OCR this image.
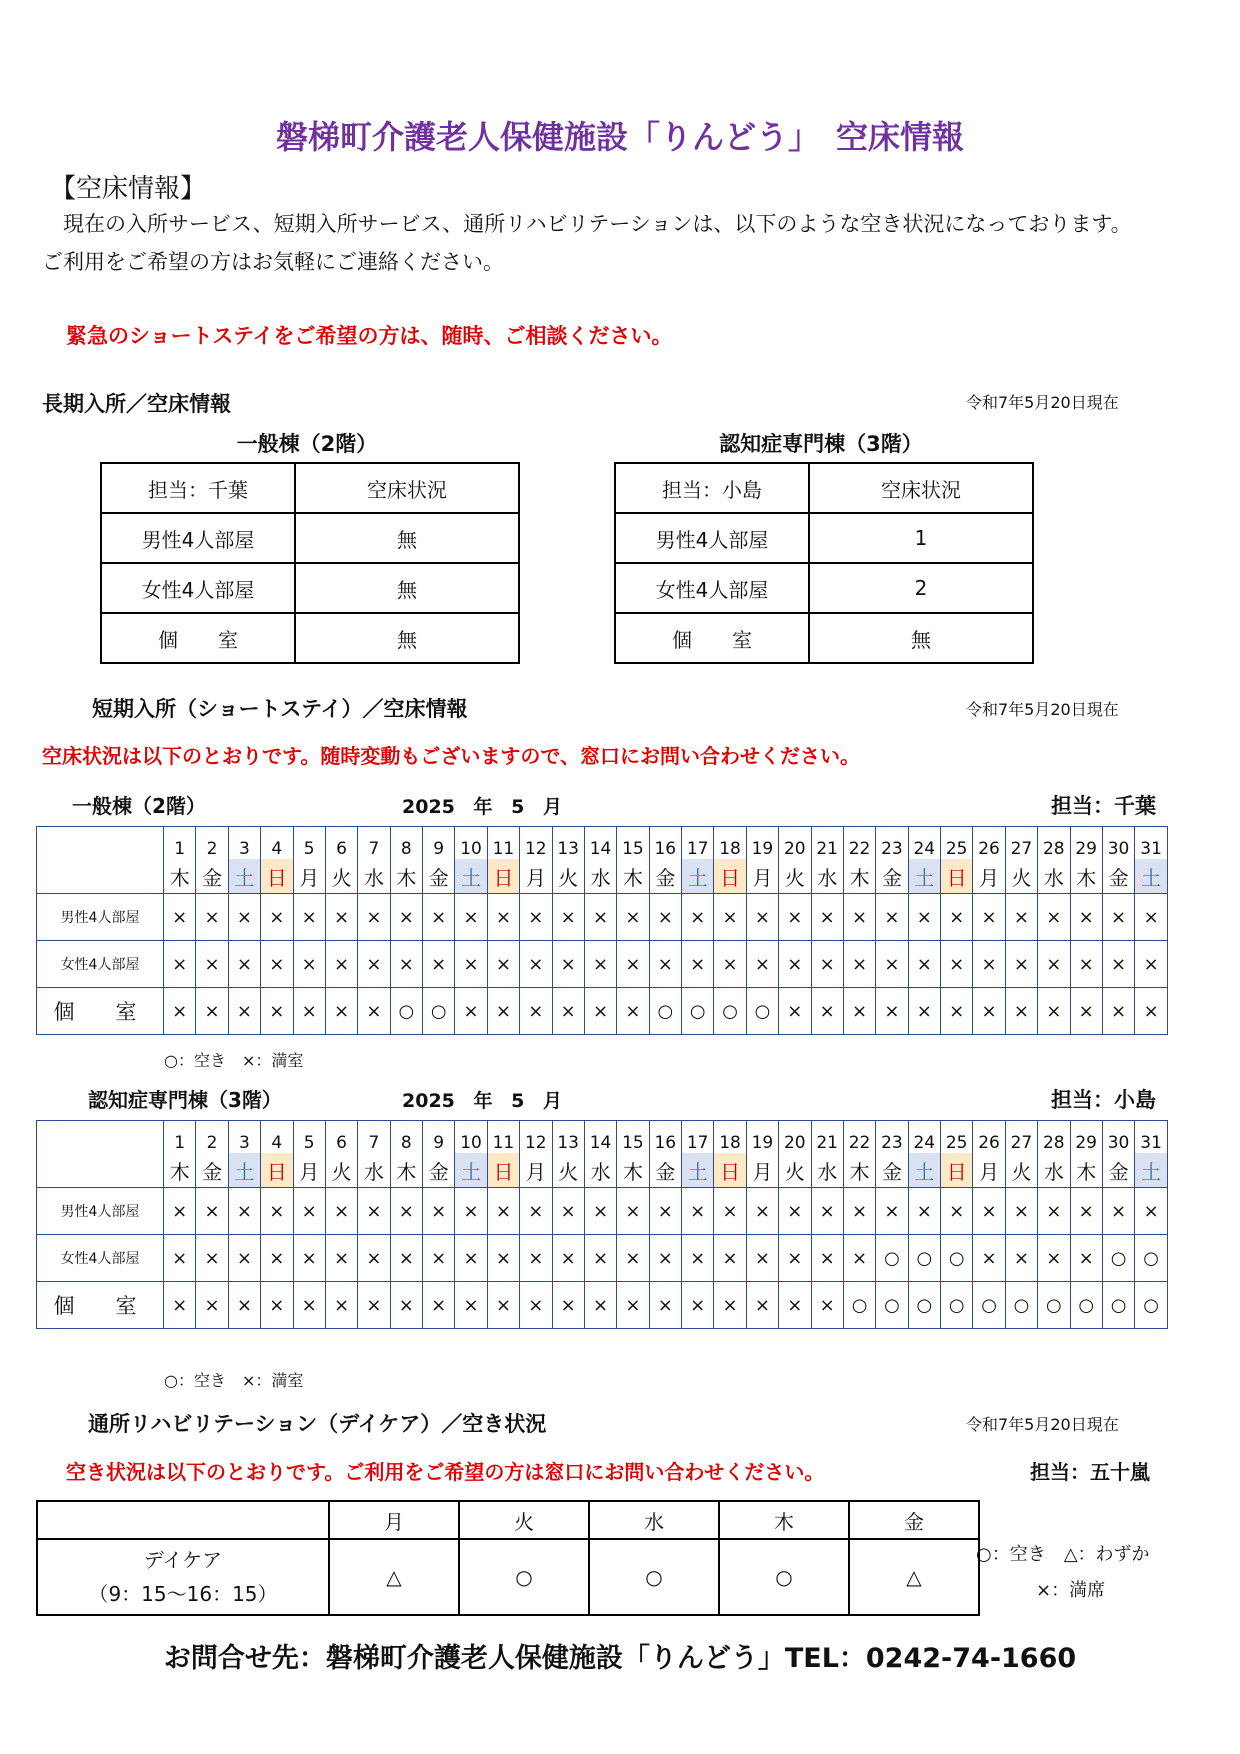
磐梯町介護老人保健施設「りんどう」　空床情報
【空床情報】

現在の入所サービス、短期入所サービス、通所リハビリテーションは、以下のような空き状況になっております。

ご利用をご希望の方はお気軽にご連絡ください。

緊急のショートステイをご希望の方は、随時、ご相談ください。
長期入所／空床情報	令和7年5月20日現在
一般棟（2階）
担当：千葉	空床状況
男性4人部屋	無
女性4人部屋	無
個　　室	無
認知症専門棟（3階）
担当：小島	空床状況
男性4人部屋	1
女性4人部屋	2
個　　室	無
短期入所（ショートステイ）／空床情報	令和7年5月20日現在
空床状況は以下のとおりです。随時変動もございますので、窓口にお問い合わせください。
一般棟（2階）	2025 年 5 月	担当：千葉
	1	2	3	4	5	6	7	8	9	10	11	12	13	14	15	16	17	18	19	20	21	22	23	24	25	26	27	28	29	30	31
	木	金	土	日	月	火	水	木	金	土	日	月	火	水	木	金	土	日	月	火	水	木	金	土	日	月	火	水	木	金	土
男性4人部屋	×	×	×	×	×	×	×	×	×	×	×	×	×	×	×	×	×	×	×	×	×	×	×	×	×	×	×	×	×	×	×
女性4人部屋	×	×	×	×	×	×	×	×	×	×	×	×	×	×	×	×	×	×	×	×	×	×	×	×	×	×	×	×	×	×	×
個　室	×	×	×	×	×	×	×	○	○	×	×	×	×	×	×	○	○	○	○	×	×	×	×	×	×	×	×	×	×	×	×
○：空き　×：満室
認知症専門棟（3階）	2025 年 5 月	担当：小島
	1	2	3	4	5	6	7	8	9	10	11	12	13	14	15	16	17	18	19	20	21	22	23	24	25	26	27	28	29	30	31
	木	金	土	日	月	火	水	木	金	土	日	月	火	水	木	金	土	日	月	火	水	木	金	土	日	月	火	水	木	金	土
男性4人部屋	×	×	×	×	×	×	×	×	×	×	×	×	×	×	×	×	×	×	×	×	×	×	×	×	×	×	×	×	×	×	×
女性4人部屋	×	×	×	×	×	×	×	×	×	×	×	×	×	×	×	×	×	×	×	×	×	×	○	○	○	×	×	×	×	○	○
個　室	×	×	×	×	×	×	×	×	×	×	×	×	×	×	×	×	×	×	×	×	×	○	○	○	○	○	○	○	○	○	○
○：空き　×：満室
通所リハビリテーション（デイケア）／空き状況	令和7年5月20日現在
空き状況は以下のとおりです。ご利用をご希望の方は窓口にお問い合わせください。	担当：五十嵐
	月	火	水	木	金

デイケア
（9：15〜16：15）	△	○	○	○	△
○：空き　△：わずか
×：満席
お問合せ先：磐梯町介護老人保健施設「りんどう」TEL：0242-74-1660
